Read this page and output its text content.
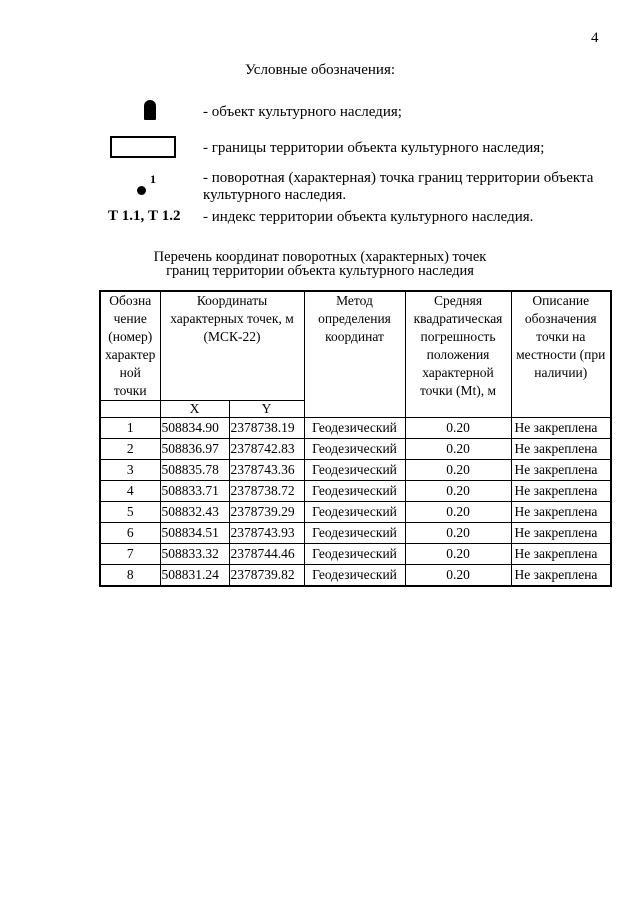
4
Условные обозначения:
- объект культурного наследия;
- границы территории объекта культурного наследия;
1	- поворотная (характерная) точка границ территории объекта
культурного наследия.
Т 1.1, Т 1.2 - индекс территории объекта культурного наследия.
Перечень координат поворотных (характерных) точек
границ территории объекта культурного наследия
Обозна чение (номер) характер ной точки	Координаты характерных точек, м (МСК-22)		Метод определения координат	Средняя квадратическая погрешность положения характерной точки (Mt), м	Описание обозначения точки на местности (при наличии)

	X	Y			
1	508834.90	2378738.19	Геодезический	0.20	Не закреплена
2	508836.97	2378742.83	Геодезический	0.20	Не закреплена
3	508835.78	2378743.36	Геодезический	0.20	Не закреплена
4	508833.71	2378738.72	Геодезический	0.20	Не закреплена
5	508832.43	2378739.29	Геодезический	0.20	Не закреплена
6	508834.51	2378743.93	Геодезический	0.20	Не закреплена
7	508833.32	2378744.46	Геодезический	0.20	Не закреплена
8	508831.24	2378739.82	Геодезический	0.20	Не закреплена
